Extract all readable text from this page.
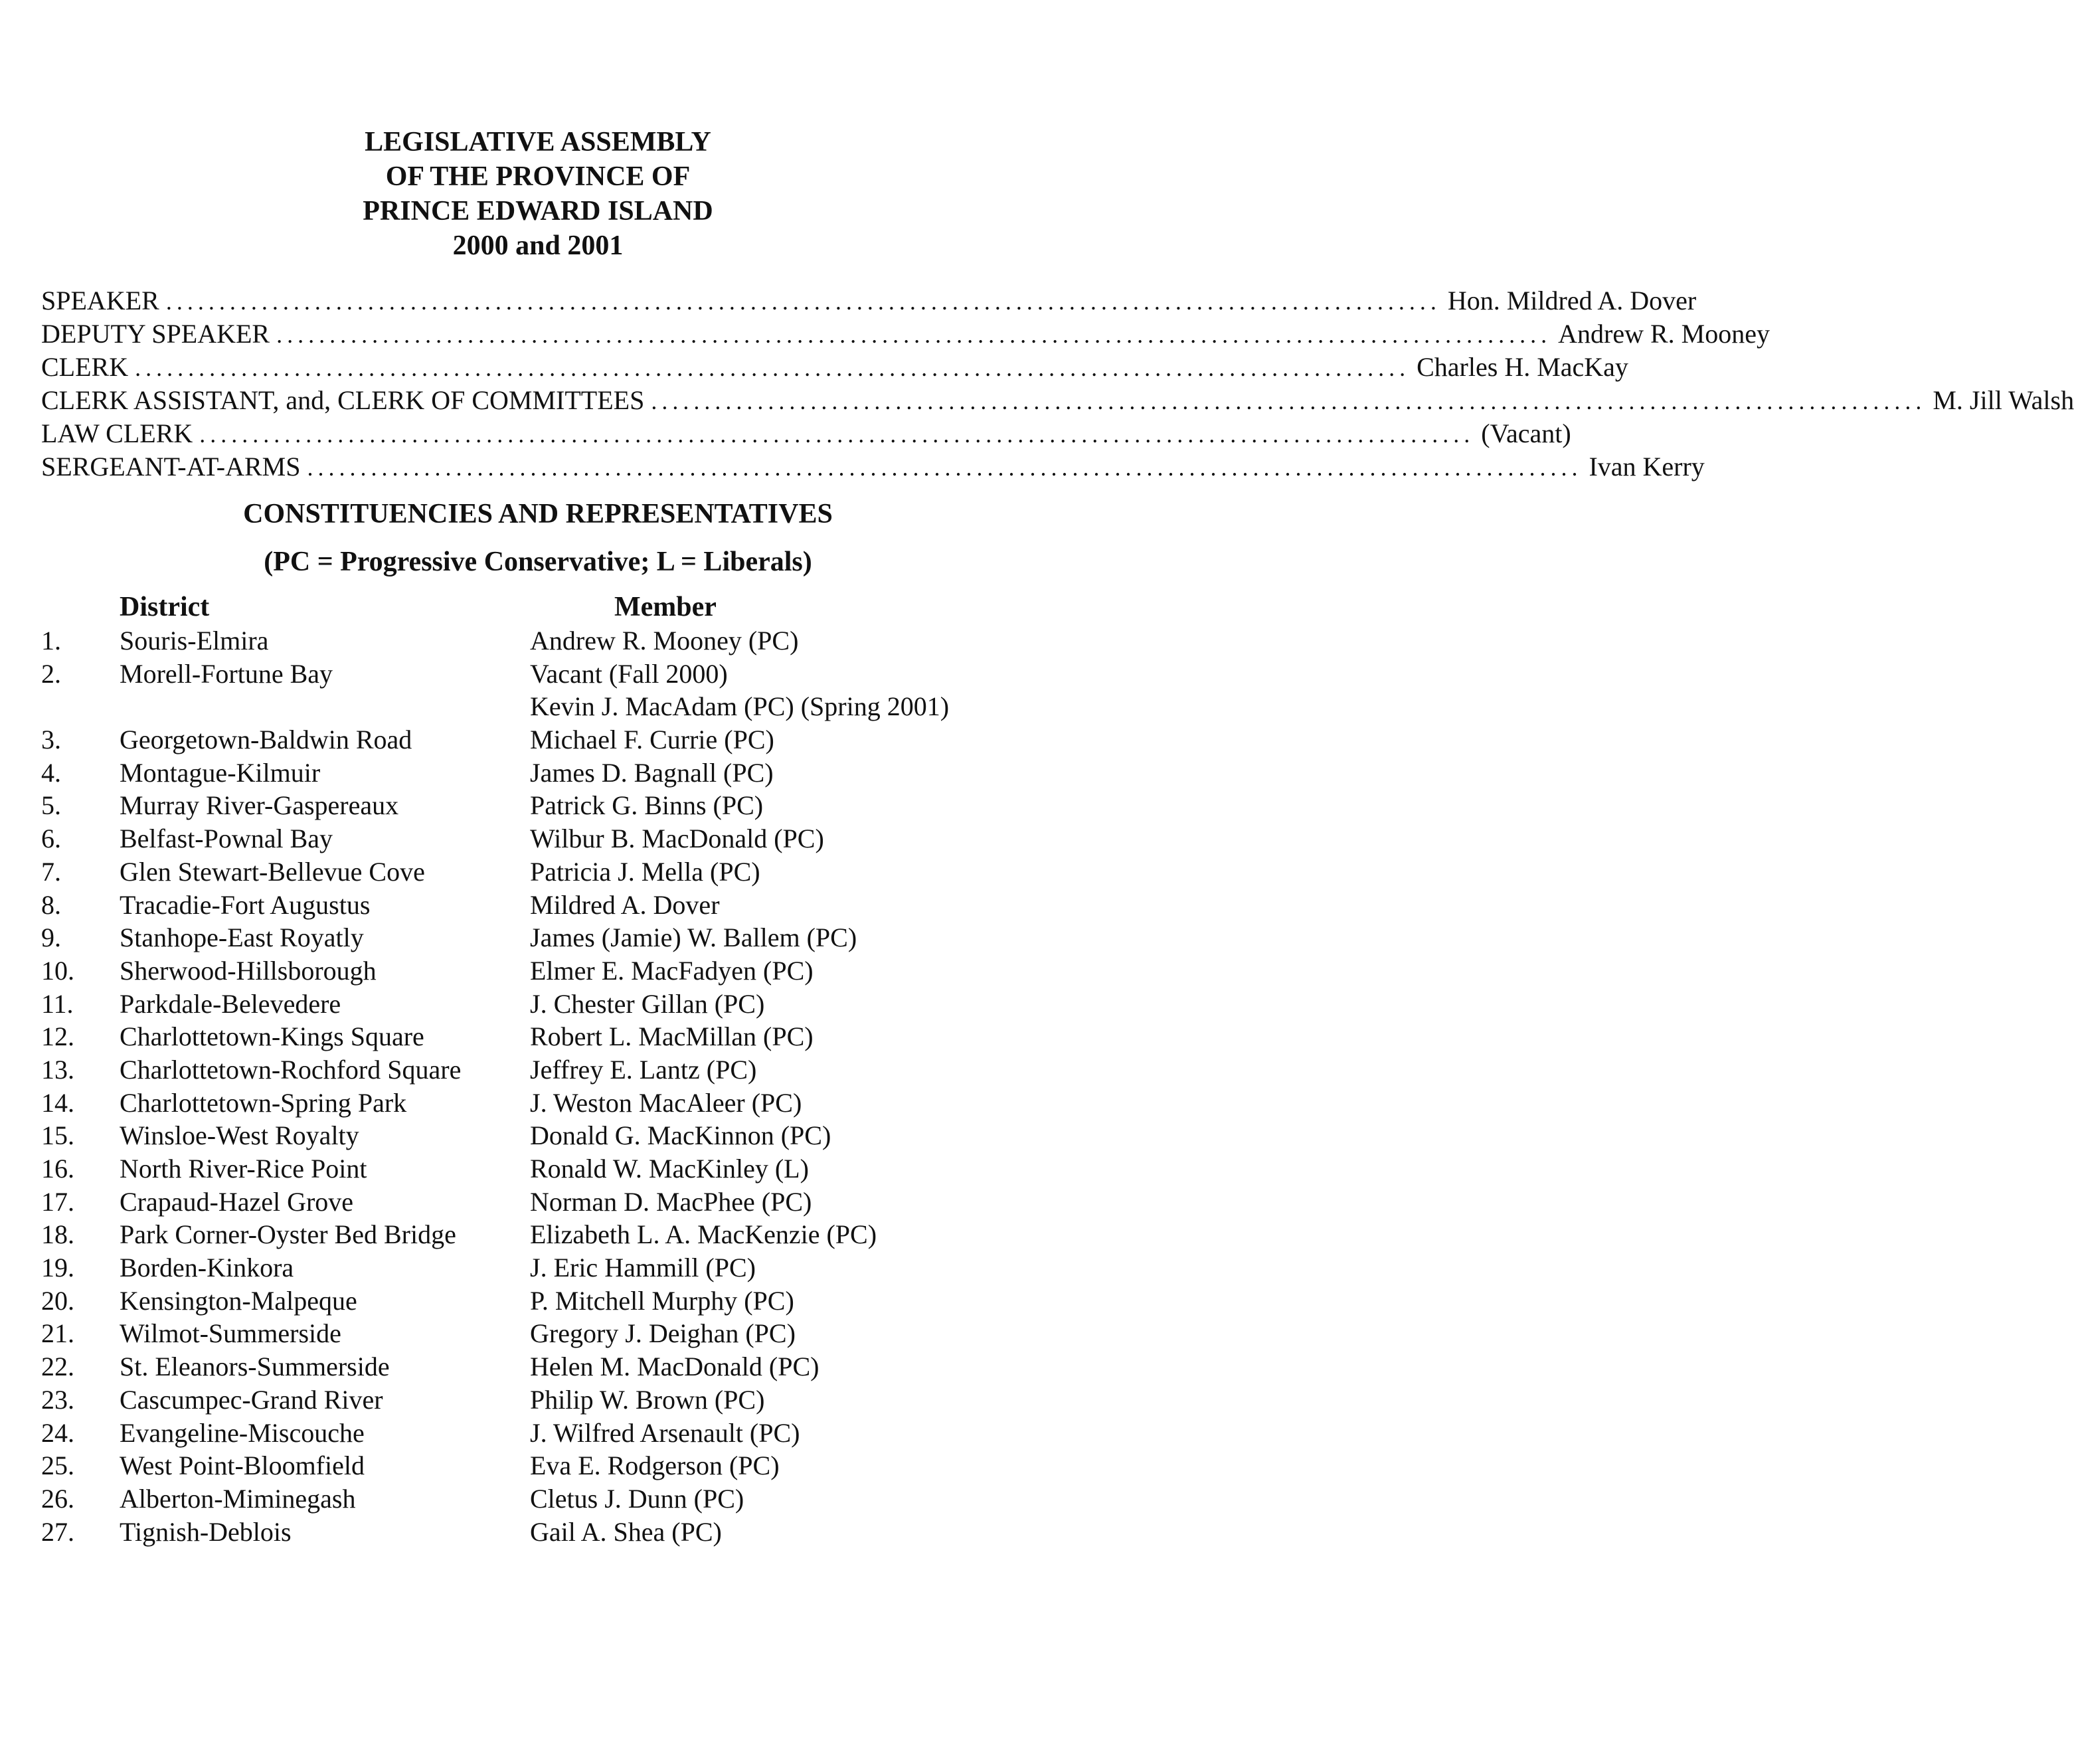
LEGISLATIVE ASSEMBLY
OF THE PROVINCE OF
PRINCE EDWARD ISLAND
2000 and 2001
SPEAKER ........................................................................................................................ Hon. Mildred A. Dover
DEPUTY SPEAKER ........................................................................................................................ Andrew R. Mooney
CLERK ........................................................................................................................ Charles H. MacKay
CLERK ASSISTANT, and, CLERK OF COMMITTEES ........................................................................................................................ M. Jill Walsh
LAW CLERK ........................................................................................................................ (Vacant)
SERGEANT-AT-ARMS ........................................................................................................................ Ivan Kerry
CONSTITUENCIES AND REPRESENTATIVES
(PC = Progressive Conservative; L = Liberals)
District	Member
1.	Souris-Elmira	Andrew R. Mooney (PC)
2.	Morell-Fortune Bay	Vacant (Fall 2000)
Kevin J. MacAdam (PC) (Spring 2001)
3.	Georgetown-Baldwin Road	Michael F. Currie (PC)
4.	Montague-Kilmuir	James D. Bagnall (PC)
5.	Murray River-Gaspereaux	Patrick G. Binns (PC)
6.	Belfast-Pownal Bay	Wilbur B. MacDonald (PC)
7.	Glen Stewart-Bellevue Cove	Patricia J. Mella (PC)
8.	Tracadie-Fort Augustus	Mildred A. Dover
9.	Stanhope-East Royatly	James (Jamie) W. Ballem (PC)
10.	Sherwood-Hillsborough	Elmer E. MacFadyen (PC)
11.	Parkdale-Belevedere	J. Chester Gillan (PC)
12.	Charlottetown-Kings Square	Robert L. MacMillan (PC)
13.	Charlottetown-Rochford Square	Jeffrey E. Lantz (PC)
14.	Charlottetown-Spring Park	J. Weston MacAleer (PC)
15.	Winsloe-West Royalty	Donald G. MacKinnon (PC)
16.	North River-Rice Point	Ronald W. MacKinley (L)
17.	Crapaud-Hazel Grove	Norman D. MacPhee (PC)
18.	Park Corner-Oyster Bed Bridge	Elizabeth L. A. MacKenzie (PC)
19.	Borden-Kinkora	J. Eric Hammill (PC)
20.	Kensington-Malpeque	P. Mitchell Murphy (PC)
21.	Wilmot-Summerside	Gregory J. Deighan (PC)
22.	St. Eleanors-Summerside	Helen M. MacDonald (PC)
23.	Cascumpec-Grand River	Philip W. Brown (PC)
24.	Evangeline-Miscouche	J. Wilfred Arsenault (PC)
25.	West Point-Bloomfield	Eva E. Rodgerson (PC)
26.	Alberton-Miminegash	Cletus J. Dunn (PC)
27.	Tignish-Deblois	Gail A. Shea (PC)
